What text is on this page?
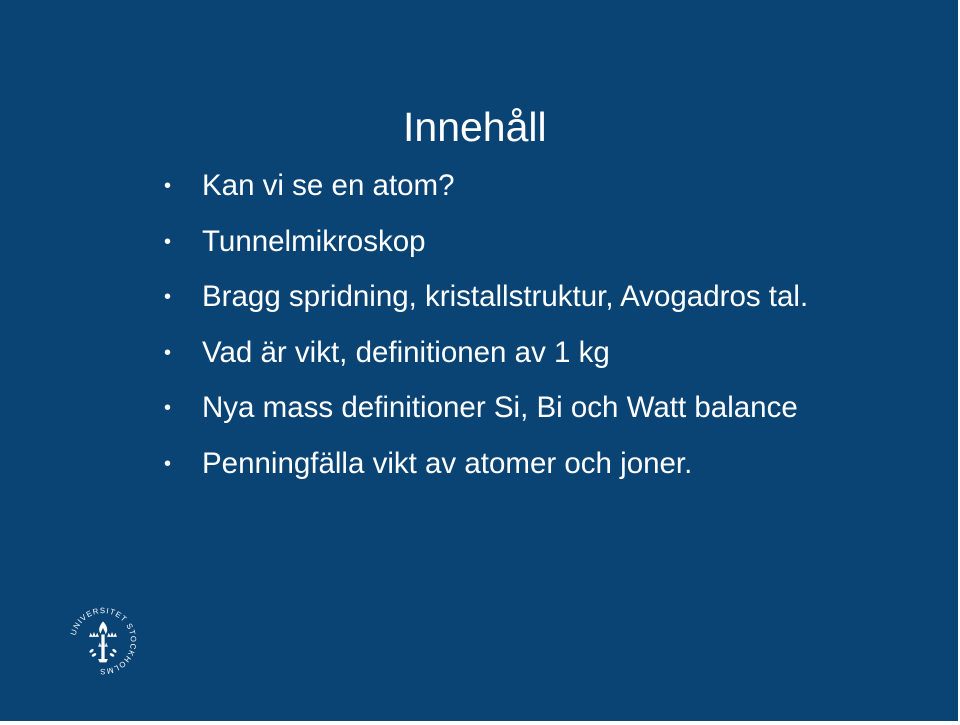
Innehåll
• Kan vi se en atom?
• Tunnelmikroskop
• Bragg spridning, kristallstruktur, Avogadros tal.
• Vad är vikt, definitionen av 1 kg
• Nya mass definitioner Si, Bi och Watt balance
• Penningfälla vikt av atomer och joner.
UNIVERSITET STOCKHOLMS
